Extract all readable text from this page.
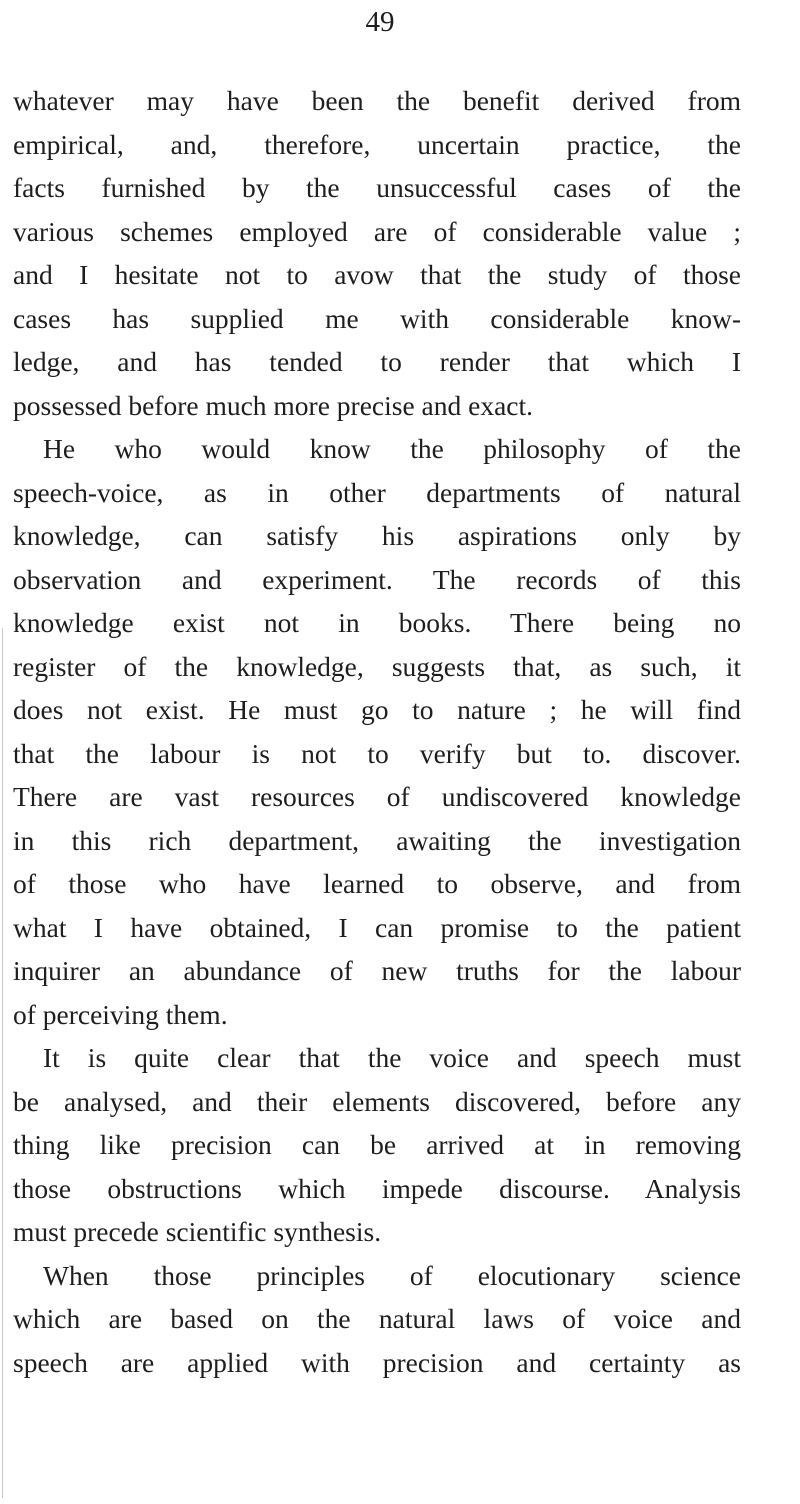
49
whatever may have been the benefit derived from
empirical, and, therefore, uncertain practice, the
facts furnished by the unsuccessful cases of the
various schemes employed are of considerable value ;
and I hesitate not to avow that the study of those
cases has supplied me with considerable know-
ledge, and has tended to render that which I
possessed before much more precise and exact.
He who would know the philosophy of the
speech-voice, as in other departments of natural
knowledge, can satisfy his aspirations only by
observation and experiment. The records of this
knowledge exist not in books. There being no
register of the knowledge, suggests that, as such, it
does not exist. He must go to nature ; he will find
that the labour is not to verify but to. discover.
There are vast resources of undiscovered knowledge
in this rich department, awaiting the investigation
of those who have learned to observe, and from
what I have obtained, I can promise to the patient
inquirer an abundance of new truths for the labour
of perceiving them.
It is quite clear that the voice and speech must
be analysed, and their elements discovered, before any
thing like precision can be arrived at in removing
those obstructions which impede discourse. Analysis
must precede scientific synthesis.
When those principles of elocutionary science
which are based on the natural laws of voice and
speech are applied with precision and certainty as
